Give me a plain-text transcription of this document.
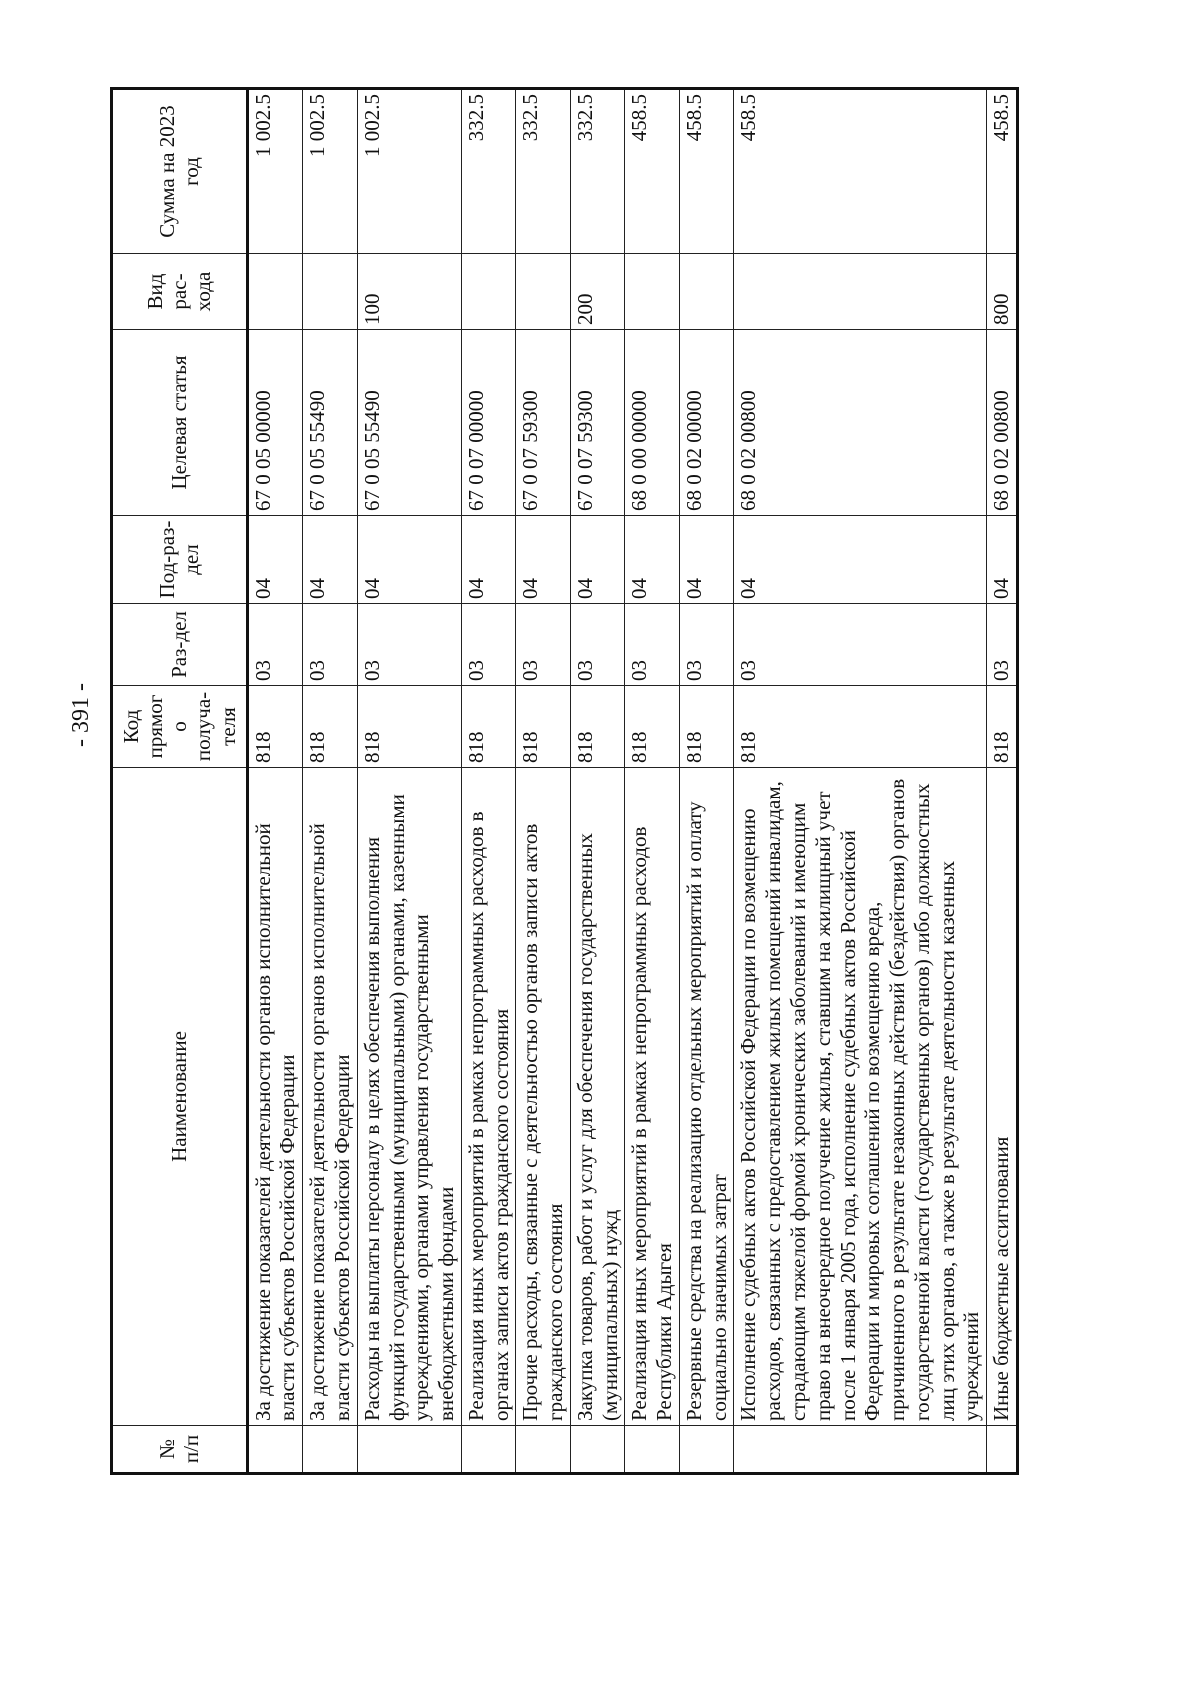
- 391 -
№ п/п	Наименование	Код прямого получа-теля	Раз-дел	Под-раз-дел	Целевая статья	Вид рас-хода	Сумма на 2023 год
	За достижение показателей деятельности органов исполнительной власти субъектов Российской Федерации	818	03	04	67 0 05 00000		1 002.5
	За достижение показателей деятельности органов исполнительной власти субъектов Российской Федерации	818	03	04	67 0 05 55490		1 002.5
	Расходы на выплаты персоналу в целях обеспечения выполнения функций государственными (муниципальными) органами, казенными учреждениями, органами управления государственными внебюджетными фондами	818	03	04	67 0 05 55490	100	1 002.5
	Реализация иных мероприятий в рамках непрограммных расходов в органах записи актов гражданского состояния	818	03	04	67 0 07 00000		332.5
	Прочие расходы, связанные с деятельностью органов записи актов гражданского состояния	818	03	04	67 0 07 59300		332.5
	Закупка товаров, работ и услуг для обеспечения государственных (муниципальных) нужд	818	03	04	67 0 07 59300	200	332.5
	Реализация иных мероприятий в рамках непрограммных расходов Республики Адыгея	818	03	04	68 0 00 00000		458.5
	Резервные средства на реализацию отдельных мероприятий и оплату социально значимых затрат	818	03	04	68 0 02 00000		458.5
	Исполнение судебных актов Российской Федерации по возмещению расходов, связанных с предоставлением жилых помещений инвалидам, страдающим тяжелой формой хронических заболеваний и имеющим право на внеочередное получение жилья, ставшим на жилищный учет после 1 января 2005 года, исполнение судебных актов Российской Федерации и мировых соглашений по возмещению вреда, причиненного в результате незаконных действий (бездействия) органов государственной власти (государственных органов) либо должностных лиц этих органов, а также в результате деятельности казенных учреждений	818	03	04	68 0 02 00800		458.5
	Иные бюджетные ассигнования	818	03	04	68 0 02 00800	800	458.5
